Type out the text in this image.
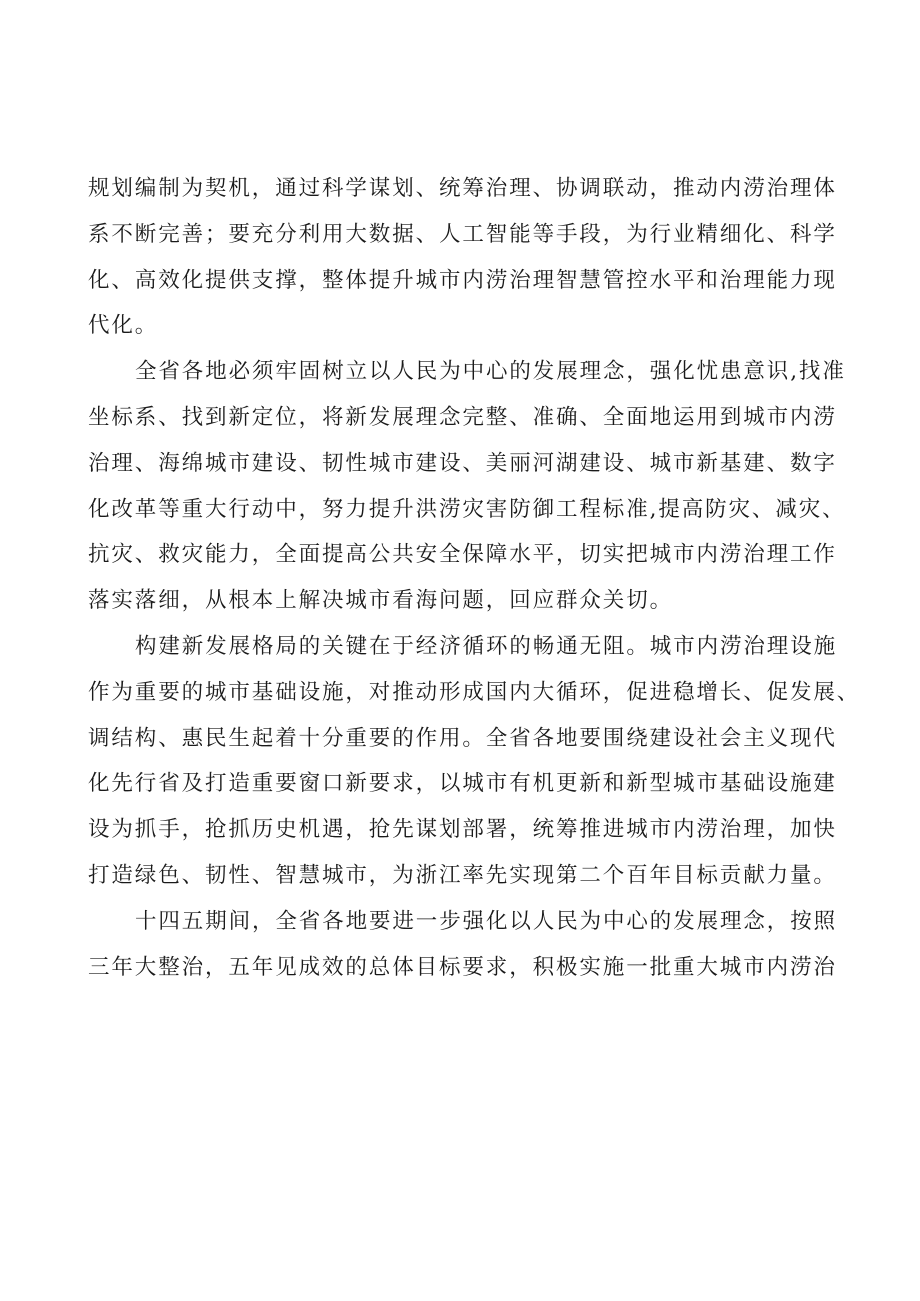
规划编制为契机，通过科学谋划、统筹治理、协调联动，推动内涝治理体
系不断完善；要充分利用大数据、人工智能等手段，为行业精细化、科学
化、高效化提供支撑，整体提升城市内涝治理智慧管控水平和治理能力现
代化。
全省各地必须牢固树立以人民为中心的发展理念，强化忧患意识,找准
坐标系、找到新定位，将新发展理念完整、准确、全面地运用到城市内涝
治理、海绵城市建设、韧性城市建设、美丽河湖建设、城市新基建、数字
化改革等重大行动中，努力提升洪涝灾害防御工程标准,提高防灾、减灾、
抗灾、救灾能力，全面提高公共安全保障水平，切实把城市内涝治理工作
落实落细，从根本上解决城市看海问题，回应群众关切。
构建新发展格局的关键在于经济循环的畅通无阻。城市内涝治理设施
作为重要的城市基础设施，对推动形成国内大循环，促进稳增长、促发展、
调结构、惠民生起着十分重要的作用。全省各地要围绕建设社会主义现代
化先行省及打造重要窗口新要求，以城市有机更新和新型城市基础设施建
设为抓手，抢抓历史机遇，抢先谋划部署，统筹推进城市内涝治理，加快
打造绿色、韧性、智慧城市，为浙江率先实现第二个百年目标贡献力量。
十四五期间，全省各地要进一步强化以人民为中心的发展理念，按照
三年大整治，五年见成效的总体目标要求，积极实施一批重大城市内涝治
